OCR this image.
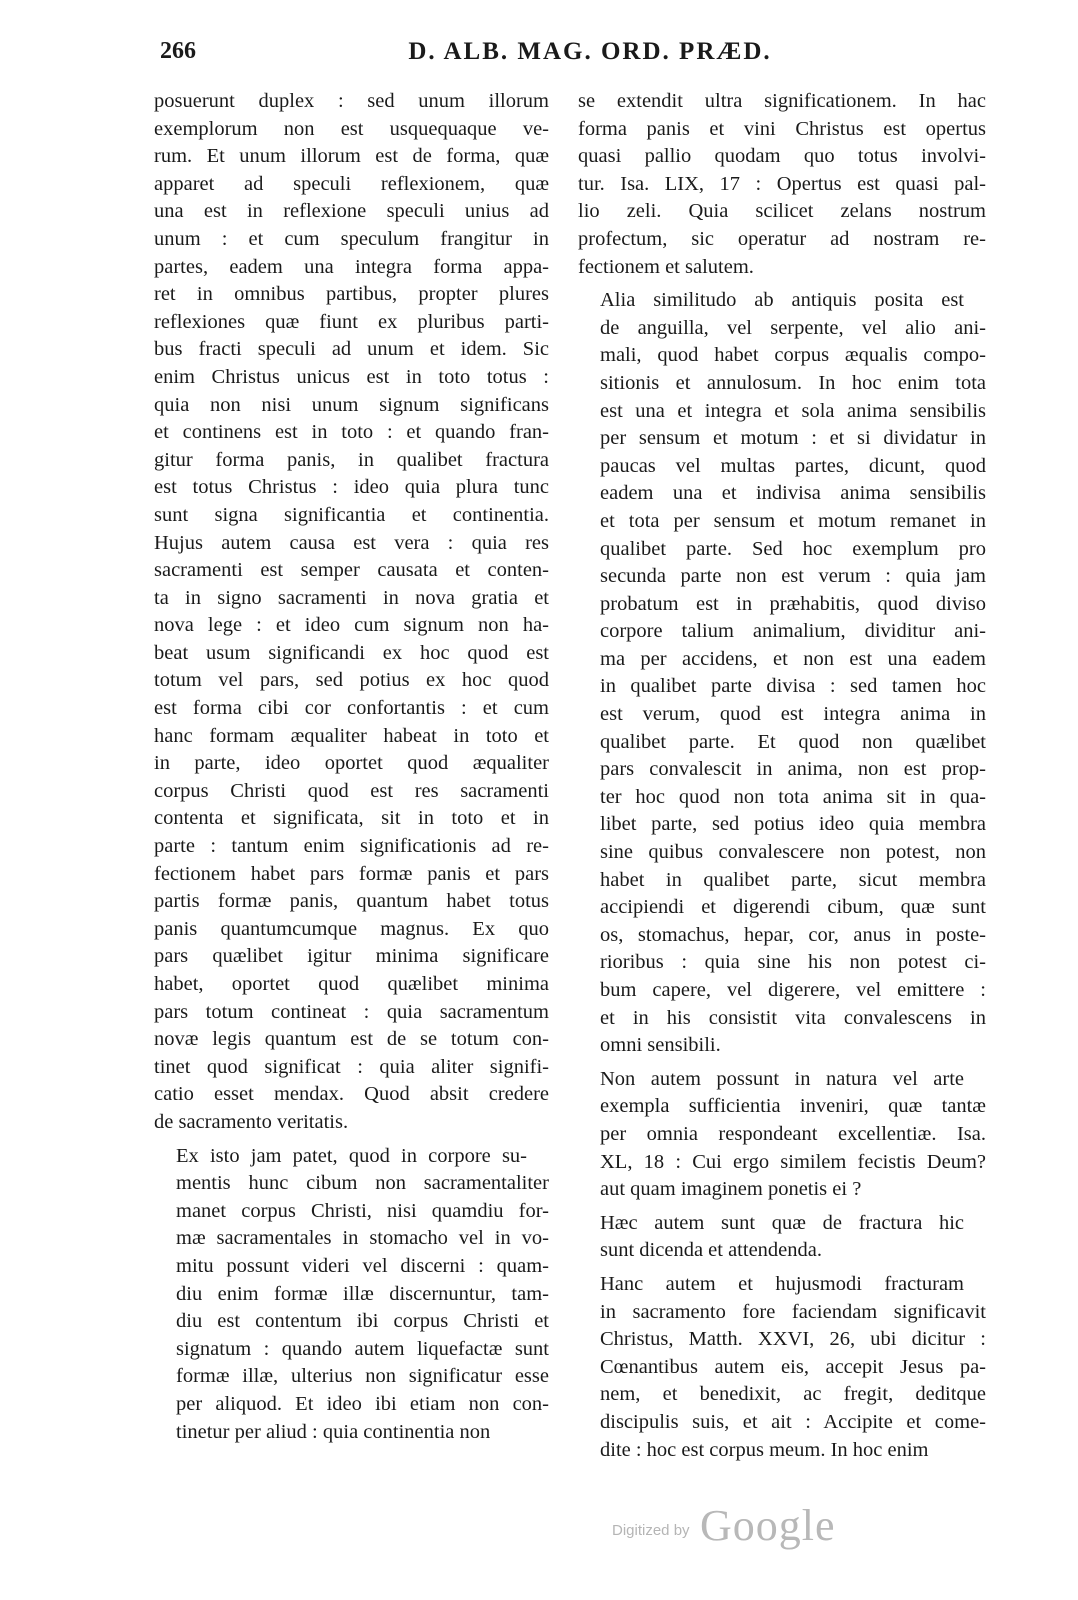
266	D. ALB. MAG. ORD. PRÆD.

posuerunt duplex : sed unum illorum
exemplorum non est usquequaque ve-
rum. Et unum illorum est de forma, quæ
apparet ad speculi reflexionem, quæ
una est in reflexione speculi unius ad
unum : et cum speculum frangitur in
partes, eadem una integra forma appa-
ret in omnibus partibus, propter plures
reflexiones quæ fiunt ex pluribus parti-
bus fracti speculi ad unum et idem. Sic
enim Christus unicus est in toto totus :
quia non nisi unum signum significans
et continens est in toto : et quando fran-
gitur forma panis, in qualibet fractura
est totus Christus : ideo quia plura tunc
sunt signa significantia et continentia.
Hujus autem causa est vera : quia res
sacramenti est semper causata et conten-
ta in signo sacramenti in nova gratia et
nova lege : et ideo cum signum non ha-
beat usum significandi ex hoc quod est
totum vel pars, sed potius ex hoc quod
est forma cibi cor confortantis : et cum
hanc formam æqualiter habeat in toto et
in parte, ideo oportet quod æqualiter
corpus Christi quod est res sacramenti
contenta et significata, sit in toto et in
parte : tantum enim significationis ad re-
fectionem habet pars formæ panis et pars
partis formæ panis, quantum habet totus
panis quantumcumque magnus. Ex quo
pars quælibet igitur minima significare
habet, oportet quod quælibet minima
pars totum contineat : quia sacramentum
novæ legis quantum est de se totum con-
tinet quod significat : quia aliter signifi-
catio esset mendax. Quod absit credere
de sacramento veritatis.

Ex isto jam patet, quod in corpore su-
mentis hunc cibum non sacramentaliter
manet corpus Christi, nisi quamdiu for-
mæ sacramentales in stomacho vel in vo-
mitu possunt videri vel discerni : quam-
diu enim formæ illæ discernuntur, tam-
diu est contentum ibi corpus Christi et
signatum : quando autem liquefactæ sunt
formæ illæ, ulterius non significatur esse
per aliquod. Et ideo ibi etiam non con-
tinetur per aliud : quia continentia non

se extendit ultra significationem. In hac
forma panis et vini Christus est opertus
quasi pallio quodam quo totus involvi-
tur. Isa. LIX, 17 : Opertus est quasi pal-
lio zeli. Quia scilicet zelans nostrum
profectum, sic operatur ad nostram re-
fectionem et salutem.

Alia similitudo ab antiquis posita est
de anguilla, vel serpente, vel alio ani-
mali, quod habet corpus æqualis compo-
sitionis et annulosum. In hoc enim tota
est una et integra et sola anima sensibilis
per sensum et motum : et si dividatur in
paucas vel multas partes, dicunt, quod
eadem una et indivisa anima sensibilis
et tota per sensum et motum remanet in
qualibet parte. Sed hoc exemplum pro
secunda parte non est verum : quia jam
probatum est in præhabitis, quod diviso
corpore talium animalium, dividitur ani-
ma per accidens, et non est una eadem
in qualibet parte divisa : sed tamen hoc
est verum, quod est integra anima in
qualibet parte. Et quod non quælibet
pars convalescit in anima, non est prop-
ter hoc quod non tota anima sit in qua-
libet parte, sed potius ideo quia membra
sine quibus convalescere non potest, non
habet in qualibet parte, sicut membra
accipiendi et digerendi cibum, quæ sunt
os, stomachus, hepar, cor, anus in poste-
rioribus : quia sine his non potest ci-
bum capere, vel digerere, vel emittere :
et in his consistit vita convalescens in
omni sensibili.

Non autem possunt in natura vel arte
exempla sufficientia inveniri, quæ tantæ
per omnia respondeant excellentiæ. Isa.
XL, 18 : Cui ergo similem fecistis Deum?
aut quam imaginem ponetis ei ?

Hæc autem sunt quæ de fractura hic
sunt dicenda et attendenda.

Hanc autem et hujusmodi fracturam
in sacramento fore faciendam significavit
Christus, Matth. XXVI, 26, ubi dicitur :
Cœnantibus autem eis, accepit Jesus pa-
nem, et benedixit, ac fregit, deditque
discipulis suis, et ait : Accipite et come-
dite : hoc est corpus meum. In hoc enim

Digitized by Google
